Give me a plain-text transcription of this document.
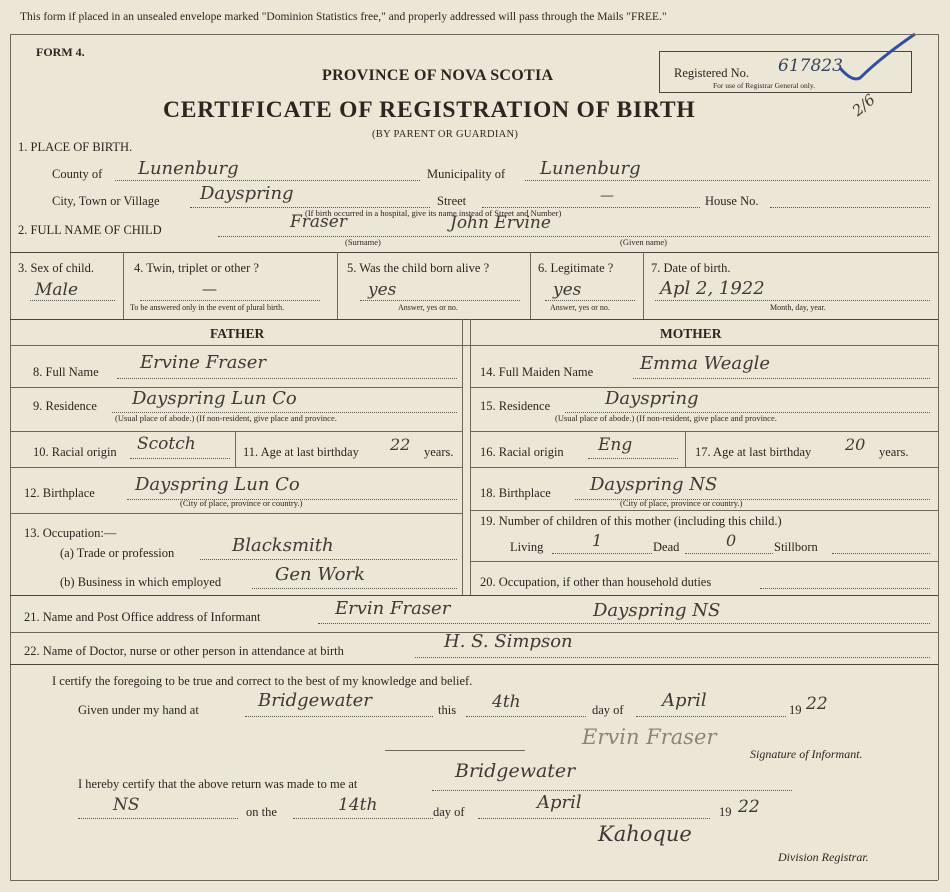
This form if placed in an unsealed envelope marked "Dominion Statistics free," and properly addressed will pass through the Mails "FREE."
FORM 4.
PROVINCE OF NOVA SCOTIA
CERTIFICATE OF REGISTRATION OF BIRTH
(BY PARENT OR GUARDIAN)
Registered No. 617823
For use of Registrar General only.
2/6
1. PLACE OF BIRTH.
County of Lunenburg	Municipality of Lunenburg
City, Town or Village Dayspring	Street	—	House No.
(If birth occurred in a hospital, give its name instead of Street and Number)
2. FULL NAME OF CHILD	Fraser	John Ervine
(Surname)	(Given name)
3. Sex of child.
Male
4. Twin, triplet or other ?
—
To be answered only in the event of plural birth.
5. Was the child born alive ?
yes
Answer, yes or no.
6. Legitimate ?
yes
Answer, yes or no.
7. Date of birth.
Apl 2, 1922
Month, day, year.
FATHER	MOTHER
8. Full Name Ervine Fraser
9. Residence Dayspring Lun Co
(Usual place of abode.) (If non-resident, give place and province.
10. Racial origin Scotch	11. Age at last birthday 22 years.
12. Birthplace Dayspring Lun Co
(City of place, province or country.)
13. Occupation:—
(a) Trade or profession	Blacksmith
(b) Business in which employed	Gen Work
14. Full Maiden Name	Emma Weagle
15. Residence	Dayspring
(Usual place of abode.) (If non-resident, give place and province.
16. Racial origin Eng	17. Age at last birthday 20 years.
18. Birthplace Dayspring NS
(City of place, province or country.)
19. Number of children of this mother (including this child.)
Living	1	Dead	0	Stillborn
20. Occupation, if other than household duties
21. Name and Post Office address of Informant	Ervin Fraser	Dayspring NS
22. Name of Doctor, nurse or other person in attendance at birth	H. S. Simpson
I certify the foregoing to be true and correct to the best of my knowledge and belief.
Given under my hand at	Bridgewater	this 4th	day of April	19 22
Ervin Fraser
Signature of Informant.
I hereby certify that the above return was made to me at
Bridgewater
NS	on the	14th	day of	April	19 22
Kahoque
Division Registrar.
